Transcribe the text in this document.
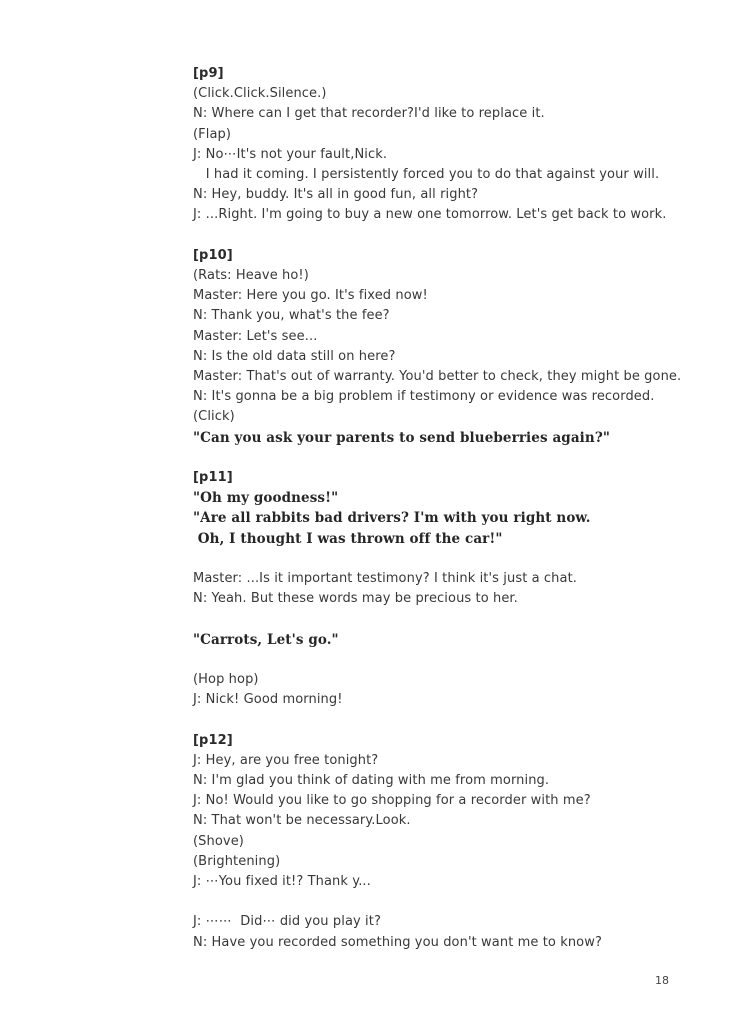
[p9]
(Click.Click.Silence.)
N: Where can I get that recorder?I'd like to replace it.
(Flap)
J: No⋯It's not your fault,Nick.
I had it coming. I persistently forced you to do that against your will.
N: Hey, buddy. It's all in good fun, all right?
J: ...Right. I'm going to buy a new one tomorrow. Let's get back to work.
[p10]
(Rats: Heave ho!)
Master: Here you go. It's fixed now!
N: Thank you, what's the fee?
Master: Let's see...
N: Is the old data still on here?
Master: That's out of warranty. You'd better to check, they might be gone.
N: It's gonna be a big problem if testimony or evidence was recorded.
(Click)
"Can you ask your parents to send blueberries again?"
[p11]
"Oh my goodness!"
"Are all rabbits bad drivers? I'm with you right now.
Oh, I thought I was thrown off the car!"
Master: ...Is it important testimony? I think it's just a chat.
N: Yeah. But these words may be precious to her.
"Carrots, Let's go."
(Hop hop)
J: Nick! Good morning!
[p12]
J: Hey, are you free tonight?
N: I'm glad you think of dating with me from morning.
J: No! Would you like to go shopping for a recorder with me?
N: That won't be necessary.Look.
(Shove)
(Brightening)
J: ⋯You fixed it!? Thank y...
J: ⋯⋯  Did⋯ did you play it?
N: Have you recorded something you don't want me to know?
18
